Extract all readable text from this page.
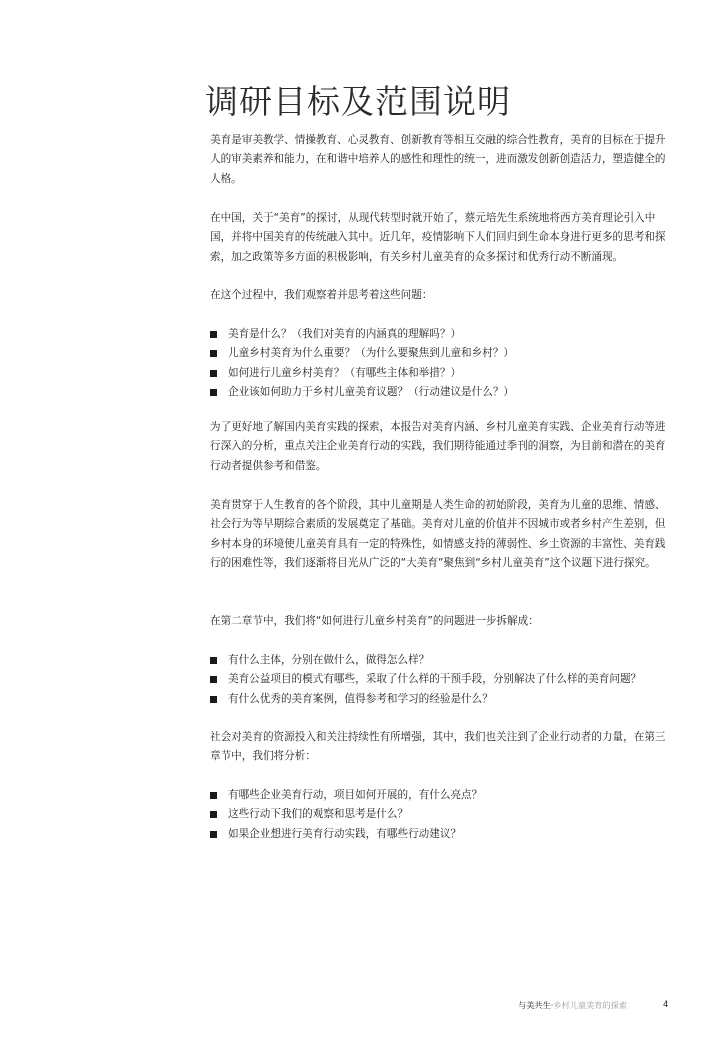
调研目标及范围说明

美育是审美教学、情操教育、心灵教育、创新教育等相互交融的综合性教育，美育的目标在于提升人的审美素养和能力，在和谐中培养人的感性和理性的统一，进而激发创新创造活力，塑造健全的人格。

在中国，关于“美育”的探讨，从现代转型时就开始了，蔡元培先生系统地将西方美育理论引入中国，并将中国美育的传统融入其中。近几年，疫情影响下人们回归到生命本身进行更多的思考和探索，加之政策等多方面的积极影响，有关乡村儿童美育的众多探讨和优秀行动不断涌现。

在这个过程中，我们观察着并思考着这些问题：

美育是什么？（我们对美育的内涵真的理解吗？）
儿童乡村美育为什么重要？（为什么要聚焦到儿童和乡村？）
如何进行儿童乡村美育？（有哪些主体和举措？）
企业该如何助力于乡村儿童美育议题？（行动建议是什么？）

为了更好地了解国内美育实践的探索，本报告对美育内涵、乡村儿童美育实践、企业美育行动等进行深入的分析，重点关注企业美育行动的实践，我们期待能通过季刊的洞察，为目前和潜在的美育行动者提供参考和借鉴。

美育贯穿于人生教育的各个阶段，其中儿童期是人类生命的初始阶段，美育为儿童的思维、情感、社会行为等早期综合素质的发展奠定了基础。美育对儿童的价值并不因城市或者乡村产生差别，但乡村本身的环境使儿童美育具有一定的特殊性，如情感支持的薄弱性、乡土资源的丰富性、美育践行的困难性等，我们逐渐将目光从广泛的“大美育”聚焦到“乡村儿童美育”这个议题下进行探究。

在第二章节中，我们将“如何进行儿童乡村美育”的问题进一步拆解成：

有什么主体，分别在做什么，做得怎么样？
美育公益项目的模式有哪些，采取了什么样的干预手段，分别解决了什么样的美育问题？
有什么优秀的美育案例，值得参考和学习的经验是什么？

社会对美育的资源投入和关注持续性有所增强，其中，我们也关注到了企业行动者的力量，在第三章节中，我们将分析：

有哪些企业美育行动，项目如何开展的，有什么亮点？
这些行动下我们的观察和思考是什么？
如果企业想进行美育行动实践，有哪些行动建议？
与美共生·乡村儿童美育的探索	4
